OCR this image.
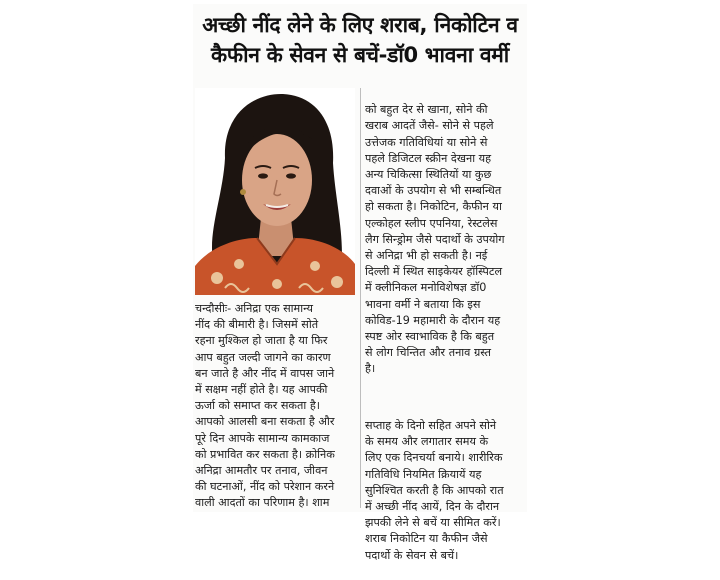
अच्छी नींद लेने के लिए शराब, निकोटिन व
कैफीन के सेवन से बचें-डॉ0 भावना वर्मी
चन्दौसीः- अनिद्रा एक सामान्य
नींद की बीमारी है। जिसमें सोते
रहना मुश्किल हो जाता है या फिर
आप बहुत जल्दी जागने का कारण
बन जाते है और नींद में वापस जाने
में सक्षम नहीं होते है। यह आपकी
ऊर्जा को समाप्त कर सकता है।
आपको आलसी बना सकता है और
पूरे दिन आपके सामान्य कामकाज
को प्रभावित कर सकता है। क्रोनिक
अनिद्रा आमतौर पर तनाव, जीवन
की घटनाओं, नींद को परेशान करने
वाली आदतों का परिणाम है। शाम

को बहुत देर से खाना, सोने की
खराब आदतें जैसे- सोने से पहले
उत्तेजक गतिविधियां या सोने से
पहले डिजिटल स्क्रीन देखना यह
अन्य चिकित्सा स्थितियों या कुछ
दवाओं के उपयोग से भी सम्बन्धित
हो सकता है। निकोटिन, कैफीन या
एल्कोहल स्लीप एपनिया, रेस्टलेस
लैग सिन्ड्रोम जैसे पदार्थो के उपयोग
से अनिद्रा भी हो सकती है। नई
दिल्ली में स्थित साइकेयर हॉस्पिटल
में क्लीनिकल मनोविशेषज्ञ डॉ0
भावना वर्मी ने बताया कि इस
कोविड-19 महामारी के दौरान यह
स्पष्ट ओर स्वाभाविक है कि बहुत
से लोग चिन्तित और तनाव ग्रस्त
है।

सप्ताह के दिनो सहित अपने सोने
के समय और लगातार समय के
लिए एक दिनचर्या बनाये। शारीरिक
गतिविधि नियमित क्रियायें यह
सुनिश्चित करती है कि आपको रात
में अच्छी नींद आयें, दिन के दौरान
झपकी लेने से बचें या सीमित करें।
शराब निकोटिन या कैफीन जैसे
पदार्थो के सेवन से बचें।
